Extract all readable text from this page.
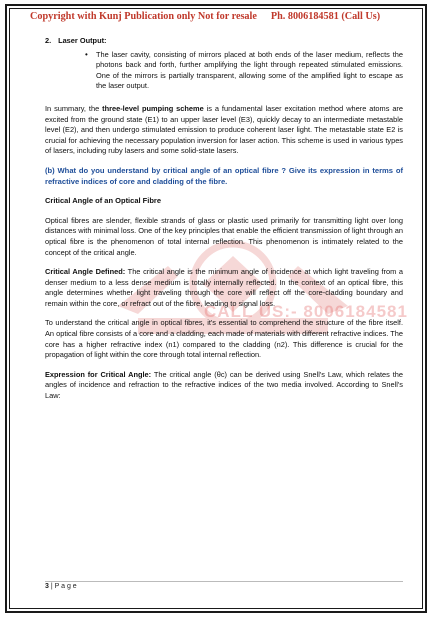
CALL US:- 8006184581
Copyright with Kunj Publication only Not for resale Ph. 8006184581 (Call Us)
2. Laser Output:
• The laser cavity, consisting of mirrors placed at both ends of the laser medium, reflects the photons back and forth, further amplifying the light through repeated stimulated emissions. One of the mirrors is partially transparent, allowing some of the amplified light to escape as the laser output.

In summary, the three-level pumping scheme is a fundamental laser excitation method where atoms are excited from the ground state (E1) to an upper laser level (E3), quickly decay to an intermediate metastable level (E2), and then undergo stimulated emission to produce coherent laser light. The metastable state E2 is crucial for achieving the necessary population inversion for laser action. This scheme is used in various types of lasers, including ruby lasers and some solid-state lasers.

(b) What do you understand by critical angle of an optical fibre ? Give its expression in terms of refractive indices of core and cladding of the fibre.

Critical Angle of an Optical Fibre

Optical fibres are slender, flexible strands of glass or plastic used primarily for transmitting light over long distances with minimal loss. One of the key principles that enable the efficient transmission of light through an optical fibre is the phenomenon of total internal reflection. This phenomenon is intimately related to the concept of the critical angle.

Critical Angle Defined: The critical angle is the minimum angle of incidence at which light traveling from a denser medium to a less dense medium is totally internally reflected. In the context of an optical fibre, this angle determines whether light traveling through the core will reflect off the core-cladding boundary and remain within the core, or refract out of the fibre, leading to signal loss.

To understand the critical angle in optical fibres, it's essential to comprehend the structure of the fibre itself. An optical fibre consists of a core and a cladding, each made of materials with different refractive indices. The core has a higher refractive index (n1) compared to the cladding (n2). This difference is crucial for the propagation of light within the core through total internal reflection.

Expression for Critical Angle: The critical angle (θc) can be derived using Snell's Law, which relates the angles of incidence and refraction to the refractive indices of the two media involved. According to Snell's Law:

3 | P a g e
